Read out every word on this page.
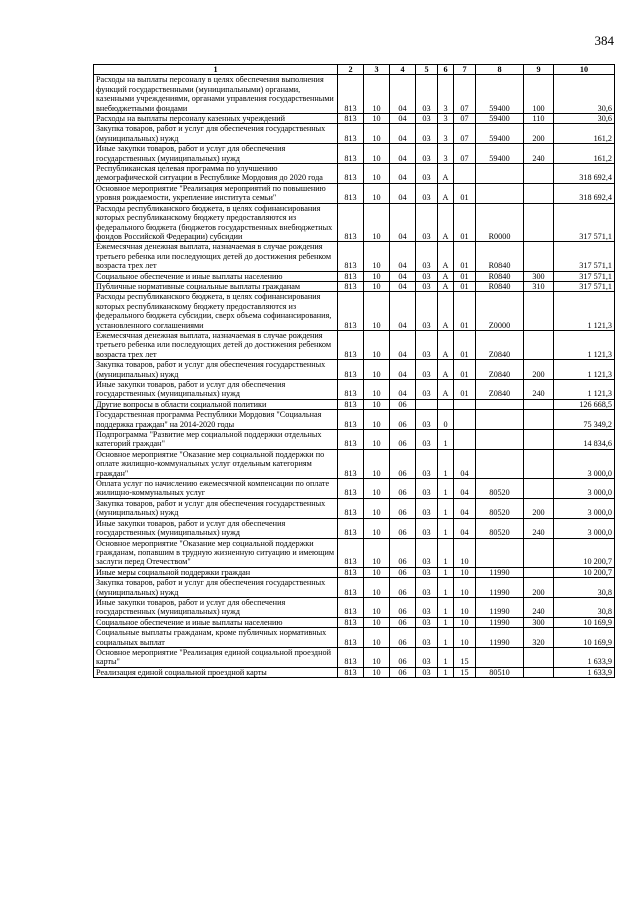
384
1	2	3	4	5	6	7	8	9	10
Расходы на выплаты персоналу в целях обеспечения выполнения функций государственными (муниципальными) органами, казенными учреждениями, органами управления государственными внебюджетными фондами	813	10	04	03	3	07	59400	100	30,6
Расходы на выплаты персоналу казенных учреждений	813	10	04	03	3	07	59400	110	30,6
Закупка товаров, работ и услуг для обеспечения государственных (муниципальных) нужд	813	10	04	03	3	07	59400	200	161,2
Иные закупки товаров, работ и услуг для обеспечения государственных (муниципальных) нужд	813	10	04	03	3	07	59400	240	161,2
Республиканская целевая программа по улучшению демографической ситуации в Республике Мордовия до 2020 года	813	10	04	03	А				318 692,4
Основное мероприятие "Реализация мероприятий по повышению уровня рождаемости, укрепление института семьи"	813	10	04	03	А	01			318 692,4
Расходы республиканского бюджета, в целях софинансирования которых республиканскому бюджету предоставляются из федерального бюджета (бюджетов государственных внебюджетных фондов Российской Федерации) субсидии	813	10	04	03	А	01	R0000		317 571,1
Ежемесячная денежная выплата, назначаемая в случае рождения третьего ребенка или последующих детей до достижения ребенком возраста трех лет	813	10	04	03	А	01	R0840		317 571,1
Социальное обеспечение и иные выплаты населению	813	10	04	03	А	01	R0840	300	317 571,1
Публичные нормативные социальные выплаты гражданам	813	10	04	03	А	01	R0840	310	317 571,1
Расходы республиканского бюджета, в целях софинансирования которых республиканскому бюджету предоставляются из федерального бюджета субсидии, сверх объема софинансирования, установленного соглашениями	813	10	04	03	А	01	Z0000		1 121,3
Ежемесячная денежная выплата, назначаемая в случае рождения третьего ребенка или последующих детей до достижения ребенком возраста трех лет	813	10	04	03	А	01	Z0840		1 121,3
Закупка товаров, работ и услуг для обеспечения государственных (муниципальных) нужд	813	10	04	03	А	01	Z0840	200	1 121,3
Иные закупки товаров, работ и услуг для обеспечения государственных (муниципальных) нужд	813	10	04	03	А	01	Z0840	240	1 121,3
Другие вопросы в области социальной политики	813	10	06						126 668,5
Государственная программа Республики Мордовия "Социальная поддержка граждан" на 2014-2020 годы	813	10	06	03	0				75 349,2
Подпрограмма "Развитие мер социальной поддержки отдельных категорий граждан"	813	10	06	03	1				14 834,6
Основное мероприятие "Оказание мер социальной поддержки по оплате жилищно-коммунальных услуг отдельным категориям граждан"	813	10	06	03	1	04			3 000,0
Оплата услуг по начислению ежемесячной компенсации по оплате жилищно-коммунальных услуг	813	10	06	03	1	04	80520		3 000,0
Закупка товаров, работ и услуг для обеспечения государственных (муниципальных) нужд	813	10	06	03	1	04	80520	200	3 000,0
Иные закупки товаров, работ и услуг для обеспечения государственных (муниципальных) нужд	813	10	06	03	1	04	80520	240	3 000,0
Основное мероприятие "Оказание мер социальной поддержки гражданам, попавшим в трудную жизненную ситуацию и имеющим заслуги перед Отечеством"	813	10	06	03	1	10			10 200,7
Иные меры социальной поддержки граждан	813	10	06	03	1	10	11990		10 200,7
Закупка товаров, работ и услуг для обеспечения государственных (муниципальных) нужд	813	10	06	03	1	10	11990	200	30,8
Иные закупки товаров, работ и услуг для обеспечения государственных (муниципальных) нужд	813	10	06	03	1	10	11990	240	30,8
Социальное обеспечение и иные выплаты населению	813	10	06	03	1	10	11990	300	10 169,9
Социальные выплаты гражданам, кроме публичных нормативных социальных выплат	813	10	06	03	1	10	11990	320	10 169,9
Основное мероприятие "Реализация единой социальной проездной карты"	813	10	06	03	1	15			1 633,9
Реализация единой социальной проездной карты	813	10	06	03	1	15	80510		1 633,9
